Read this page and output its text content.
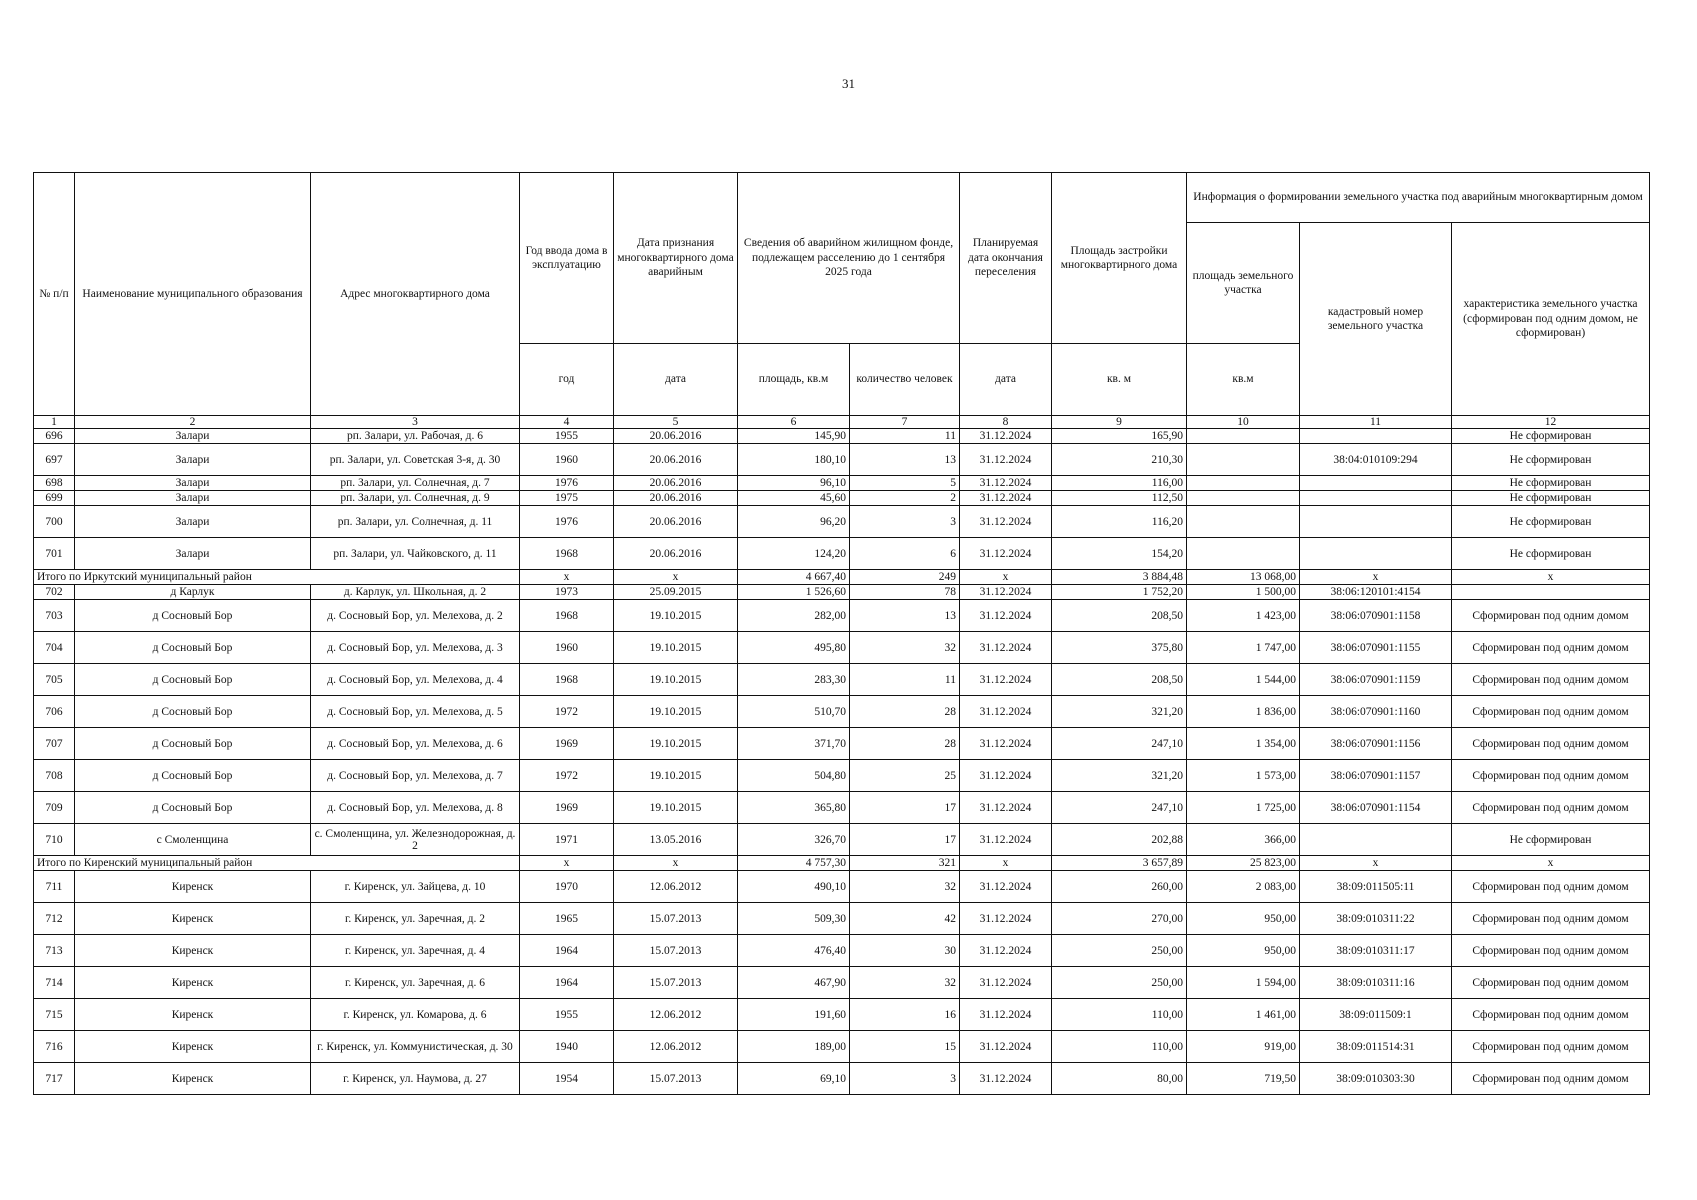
31
№ п/п	Наименование муниципального образования	Адрес многоквартирного дома	Год ввода дома в эксплуатацию	Дата признания многоквартирного дома аварийным	Сведения об аварийном жилищном фонде, подлежащем расселению до 1 сентября 2025 года		Планируемая дата окончания переселения	Площадь застройки многоквартирного дома	Информация о формировании земельного участка под аварийным многоквартирным домом		
									площадь земельного участка	кадастровый номер земельного участка	характеристика земельного участка (сформирован под одним домом, не сформирован)
			год	дата	площадь, кв.м	количество человек	дата	кв. м	кв.м		
1	2	3	4	5	6	7	8	9	10	11	12
696	Залари	рп. Залари, ул. Рабочая, д. 6	1955	20.06.2016	145,90	11	31.12.2024	165,90			Не сформирован
697	Залари	рп. Залари, ул. Советская 3-я, д. 30	1960	20.06.2016	180,10	13	31.12.2024	210,30		38:04:010109:294	Не сформирован
698	Залари	рп. Залари, ул. Солнечная, д. 7	1976	20.06.2016	96,10	5	31.12.2024	116,00			Не сформирован
699	Залари	рп. Залари, ул. Солнечная, д. 9	1975	20.06.2016	45,60	2	31.12.2024	112,50			Не сформирован
700	Залари	рп. Залари, ул. Солнечная, д. 11	1976	20.06.2016	96,20	3	31.12.2024	116,20			Не сформирован
701	Залари	рп. Залари, ул. Чайковского, д. 11	1968	20.06.2016	124,20	6	31.12.2024	154,20			Не сформирован
Итого по Иркутский муниципальный район			x	x	4 667,40	249	x	3 884,48	13 068,00	x	x
702	д Карлук	д. Карлук, ул. Школьная, д. 2	1973	25.09.2015	1 526,60	78	31.12.2024	1 752,20	1 500,00	38:06:120101:4154	
703	д Сосновый Бор	д. Сосновый Бор, ул. Мелехова, д. 2	1968	19.10.2015	282,00	13	31.12.2024	208,50	1 423,00	38:06:070901:1158	Сформирован под одним домом
704	д Сосновый Бор	д. Сосновый Бор, ул. Мелехова, д. 3	1960	19.10.2015	495,80	32	31.12.2024	375,80	1 747,00	38:06:070901:1155	Сформирован под одним домом
705	д Сосновый Бор	д. Сосновый Бор, ул. Мелехова, д. 4	1968	19.10.2015	283,30	11	31.12.2024	208,50	1 544,00	38:06:070901:1159	Сформирован под одним домом
706	д Сосновый Бор	д. Сосновый Бор, ул. Мелехова, д. 5	1972	19.10.2015	510,70	28	31.12.2024	321,20	1 836,00	38:06:070901:1160	Сформирован под одним домом
707	д Сосновый Бор	д. Сосновый Бор, ул. Мелехова, д. 6	1969	19.10.2015	371,70	28	31.12.2024	247,10	1 354,00	38:06:070901:1156	Сформирован под одним домом
708	д Сосновый Бор	д. Сосновый Бор, ул. Мелехова, д. 7	1972	19.10.2015	504,80	25	31.12.2024	321,20	1 573,00	38:06:070901:1157	Сформирован под одним домом
709	д Сосновый Бор	д. Сосновый Бор, ул. Мелехова, д. 8	1969	19.10.2015	365,80	17	31.12.2024	247,10	1 725,00	38:06:070901:1154	Сформирован под одним домом
710	с Смоленщина	с. Смоленщина, ул. Железнодорожная, д. 2	1971	13.05.2016	326,70	17	31.12.2024	202,88	366,00		Не сформирован
Итого по Киренский муниципальный район			x	x	4 757,30	321	x	3 657,89	25 823,00	x	x
711	Киренск	г. Киренск, ул. Зайцева, д. 10	1970	12.06.2012	490,10	32	31.12.2024	260,00	2 083,00	38:09:011505:11	Сформирован под одним домом
712	Киренск	г. Киренск, ул. Заречная, д. 2	1965	15.07.2013	509,30	42	31.12.2024	270,00	950,00	38:09:010311:22	Сформирован под одним домом
713	Киренск	г. Киренск, ул. Заречная, д. 4	1964	15.07.2013	476,40	30	31.12.2024	250,00	950,00	38:09:010311:17	Сформирован под одним домом
714	Киренск	г. Киренск, ул. Заречная, д. 6	1964	15.07.2013	467,90	32	31.12.2024	250,00	1 594,00	38:09:010311:16	Сформирован под одним домом
715	Киренск	г. Киренск, ул. Комарова, д. 6	1955	12.06.2012	191,60	16	31.12.2024	110,00	1 461,00	38:09:011509:1	Сформирован под одним домом
716	Киренск	г. Киренск, ул. Коммунистическая, д. 30	1940	12.06.2012	189,00	15	31.12.2024	110,00	919,00	38:09:011514:31	Сформирован под одним домом
717	Киренск	г. Киренск, ул. Наумова, д. 27	1954	15.07.2013	69,10	3	31.12.2024	80,00	719,50	38:09:010303:30	Сформирован под одним домом
